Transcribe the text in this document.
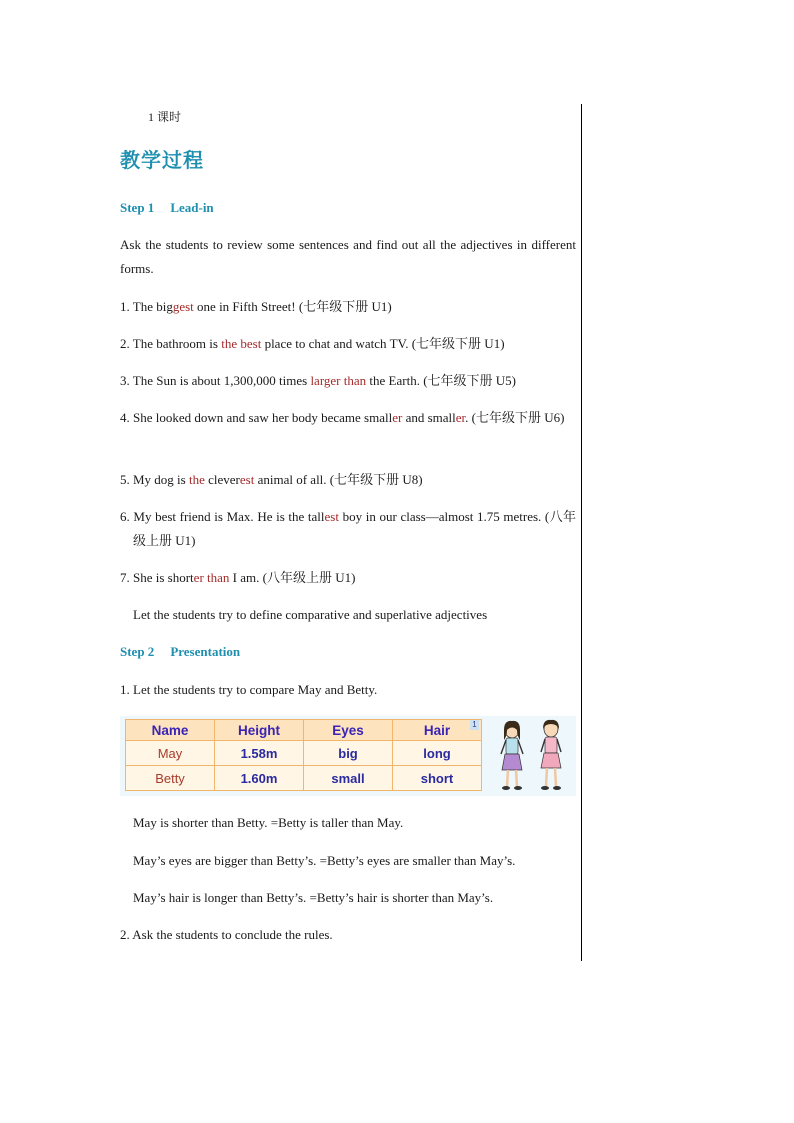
1 课时
教学过程
Step 1 Lead-in
Ask the students to review some sentences and find out all the adjectives in different forms.
1. The biggest one in Fifth Street! (七年级下册 U1)
2. The bathroom is the best place to chat and watch TV. (七年级下册 U1)
3. The Sun is about 1,300,000 times larger than the Earth. (七年级下册 U5)
4. She looked down and saw her body became smaller and smaller. (七年级下册 U6)
5. My dog is the cleverest animal of all. (七年级下册 U8)
6. My best friend is Max. He is the tallest boy in our class—almost 1.75 metres. (八年级上册 U1)
7. She is shorter than I am. (八年级上册 U1)
Let the students try to define comparative and superlative adjectives
Step 2 Presentation
1. Let the students try to compare May and Betty.
Name	Height	Eyes	Hair
May	1.58m	big	long
Betty	1.60m	small	short
1
May is shorter than Betty. =Betty is taller than May.
May’s eyes are bigger than Betty’s. =Betty’s eyes are smaller than May’s.
May’s hair is longer than Betty’s. =Betty’s hair is shorter than May’s.
2. Ask the students to conclude the rules.
